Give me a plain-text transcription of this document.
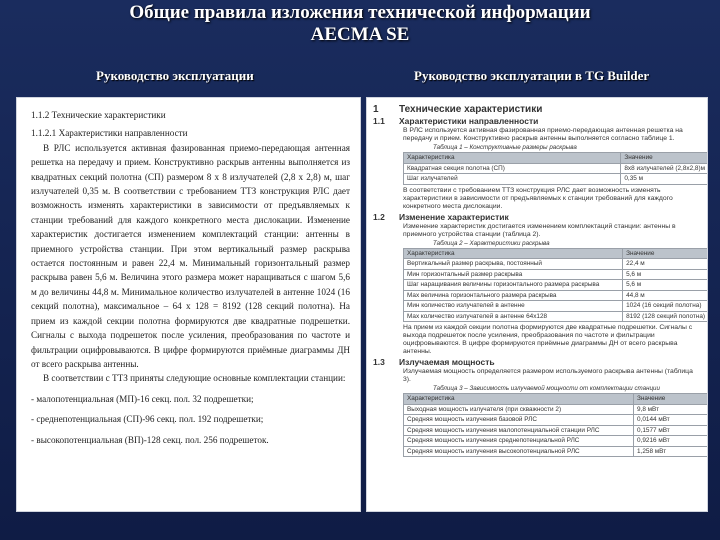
Общие правила изложения технической информации
AECMA SE
Руководство эксплуатации	Руководство эксплуатации в TG Builder

1.1.2 Технические характеристики

1.1.2.1 Характеристики направленности

В РЛС используется активная фазированная приемо-передающая антенная решетка на передачу и прием. Конструктивно раскрыв антенны выполняется из квадратных секций полотна (СП) размером 8 x 8 излучателей (2,8 x 2,8) м, шаг излучателей 0,35 м. В соответствии с требованием ТТЗ конструкция РЛС дает возможность изменять характеристики в зависимости от предъявляемых к станции требований для каждого конкретного места дислокации. Изменение характеристик достигается изменением комплектаций станции: антенны в приемного устройства станции. При этом вертикальный размер раскрыва остается постоянным и равен 22,4 м. Минимальный горизонтальный размер раскрыва равен 5,6 м. Величина этого размера может наращиваться с шагом 5,6 м до величины 44,8 м. Минимальное количество излучателей в антенне 1024 (16 секций полотна), максимальное – 64 х 128 = 8192 (128 секций полотна). На прием из каждой секции полотна формируются две квадратные подрешетки. Сигналы с выхода подрешеток после усиления, преобразования по частоте и фильтрации оцифровываются. В цифре формируются приёмные диаграммы ДН от всего раскрыва антенны.

В соответствии с ТТЗ приняты следующие основные комплектации станции:

- малопотенциальная (МП)-16 секц. пол. 32 подрешетки;

- среднепотенциальная (СП)-96 секц. пол. 192 подрешетки;

- высокопотенциальная (ВП)-128 секц. пол. 256 подрешеток.

1	Технические характеристики
1.1	Характеристики направленности
В РЛС используется активная фазированная приемо-передающая антенная решетка на передачу и прием. Конструктивно раскрыв антенны выполняется согласно таблице 1.
Таблица 1 – Конструктивные размеры раскрыва
Характеристика	Значение
Квадратная секция полотна (СП)	8x8 излучателей (2,8x2,8)м
Шаг излучателей	0,35 м
В соответствии с требованием ТТЗ конструкция РЛС дает возможность изменять характеристики в зависимости от предъявляемых к станции требований для каждого конкретного места дислокации.
1.2	Изменение характеристик
Изменение характеристик достигается изменением комплектаций станции: антенны в приемного устройства станции (таблица 2).
Таблица 2 – Характеристики раскрыва
Характеристика	Значение
Вертикальный размер раскрыва, постоянный	22,4 м
Мин горизонтальный размер раскрыва	5,6 м
Шаг наращивания величины горизонтального размера раскрыва	5,6 м
Мах величина горизонтального размера раскрыва	44,8 м
Мин количество излучателей в антенне	1024 (16 секций полотна)
Мах количество излучателей в антенне 64х128	8192 (128 секций полотна)
На прием из каждой секции полотна формируются две квадратные подрешетки. Сигналы с выхода подрешеток после усиления, преобразования по частоте и фильтрации оцифровываются. В цифре формируются приёмные диаграммы ДН от всего раскрыва антенны.
1.3	Излучаемая мощность
Излучаемая мощность определяется размером используемого раскрыва антенны (таблица 3).
Таблица 3 – Зависимость излучаемой мощности от комплектации станции
Характеристика	Значение
Выходная мощность излучателя (при скважности 2)	9,8 мВт
Средняя мощность излучения базовой РЛС	0,0144 мВт
Средняя мощность излучения малопотенциальной станции РЛС	0,1577 мВт
Средняя мощность излучения среднепотенциальной РЛС	0,9216 мВт
Средняя мощность излучения высокопотенциальной РЛС	1,258 мВт
